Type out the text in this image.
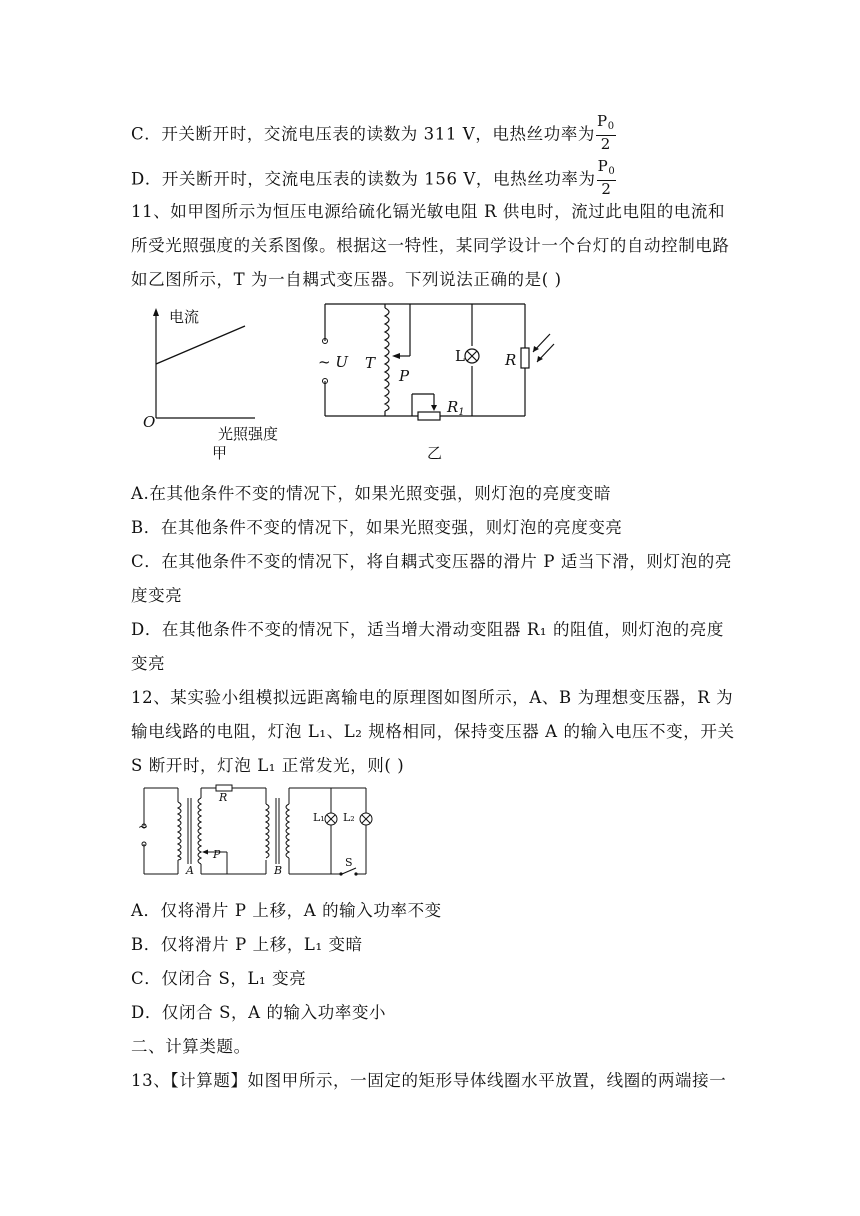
C．开关断开时，交流电压表的读数为 311 V，电热丝功率为 $\frac{P_0}{2}$
D．开关断开时，交流电压表的读数为 156 V，电热丝功率为 $\frac{P_0}{2}$
11、如甲图所示为恒压电源给硫化镉光敏电阻 R 供电时，流过此电阻的电流和
所受光照强度的关系图像。根据这一特性，某同学设计一个台灯的自动控制电路
如乙图所示，T 为一自耦式变压器。下列说法正确的是( )
电流
O
光照强度
甲
~ U T
P
L	R
$R_1$
乙
A.在其他条件不变的情况下，如果光照变强，则灯泡的亮度变暗
B．在其他条件不变的情况下，如果光照变强，则灯泡的亮度变亮
C．在其他条件不变的情况下，将自耦式变压器的滑片 P 适当下滑，则灯泡的亮
度变亮
D．在其他条件不变的情况下，适当增大滑动变阻器 R₁ 的阻值，则灯泡的亮度
变亮
12、某实验小组模拟远距离输电的原理图如图所示，A、B 为理想变压器，R 为
输电线路的电阻，灯泡 L₁、L₂ 规格相同，保持变压器 A 的输入电压不变，开关
S 断开时，灯泡 L₁ 正常发光，则( )
~
R
P
A	B
L₁ L₂
S
A．仅将滑片 P 上移，A 的输入功率不变
B．仅将滑片 P 上移，L₁ 变暗
C．仅闭合 S，L₁ 变亮
D．仅闭合 S，A 的输入功率变小
二、计算类题。
13、【计算题】如图甲所示，一固定的矩形导体线圈水平放置，线圈的两端接一
